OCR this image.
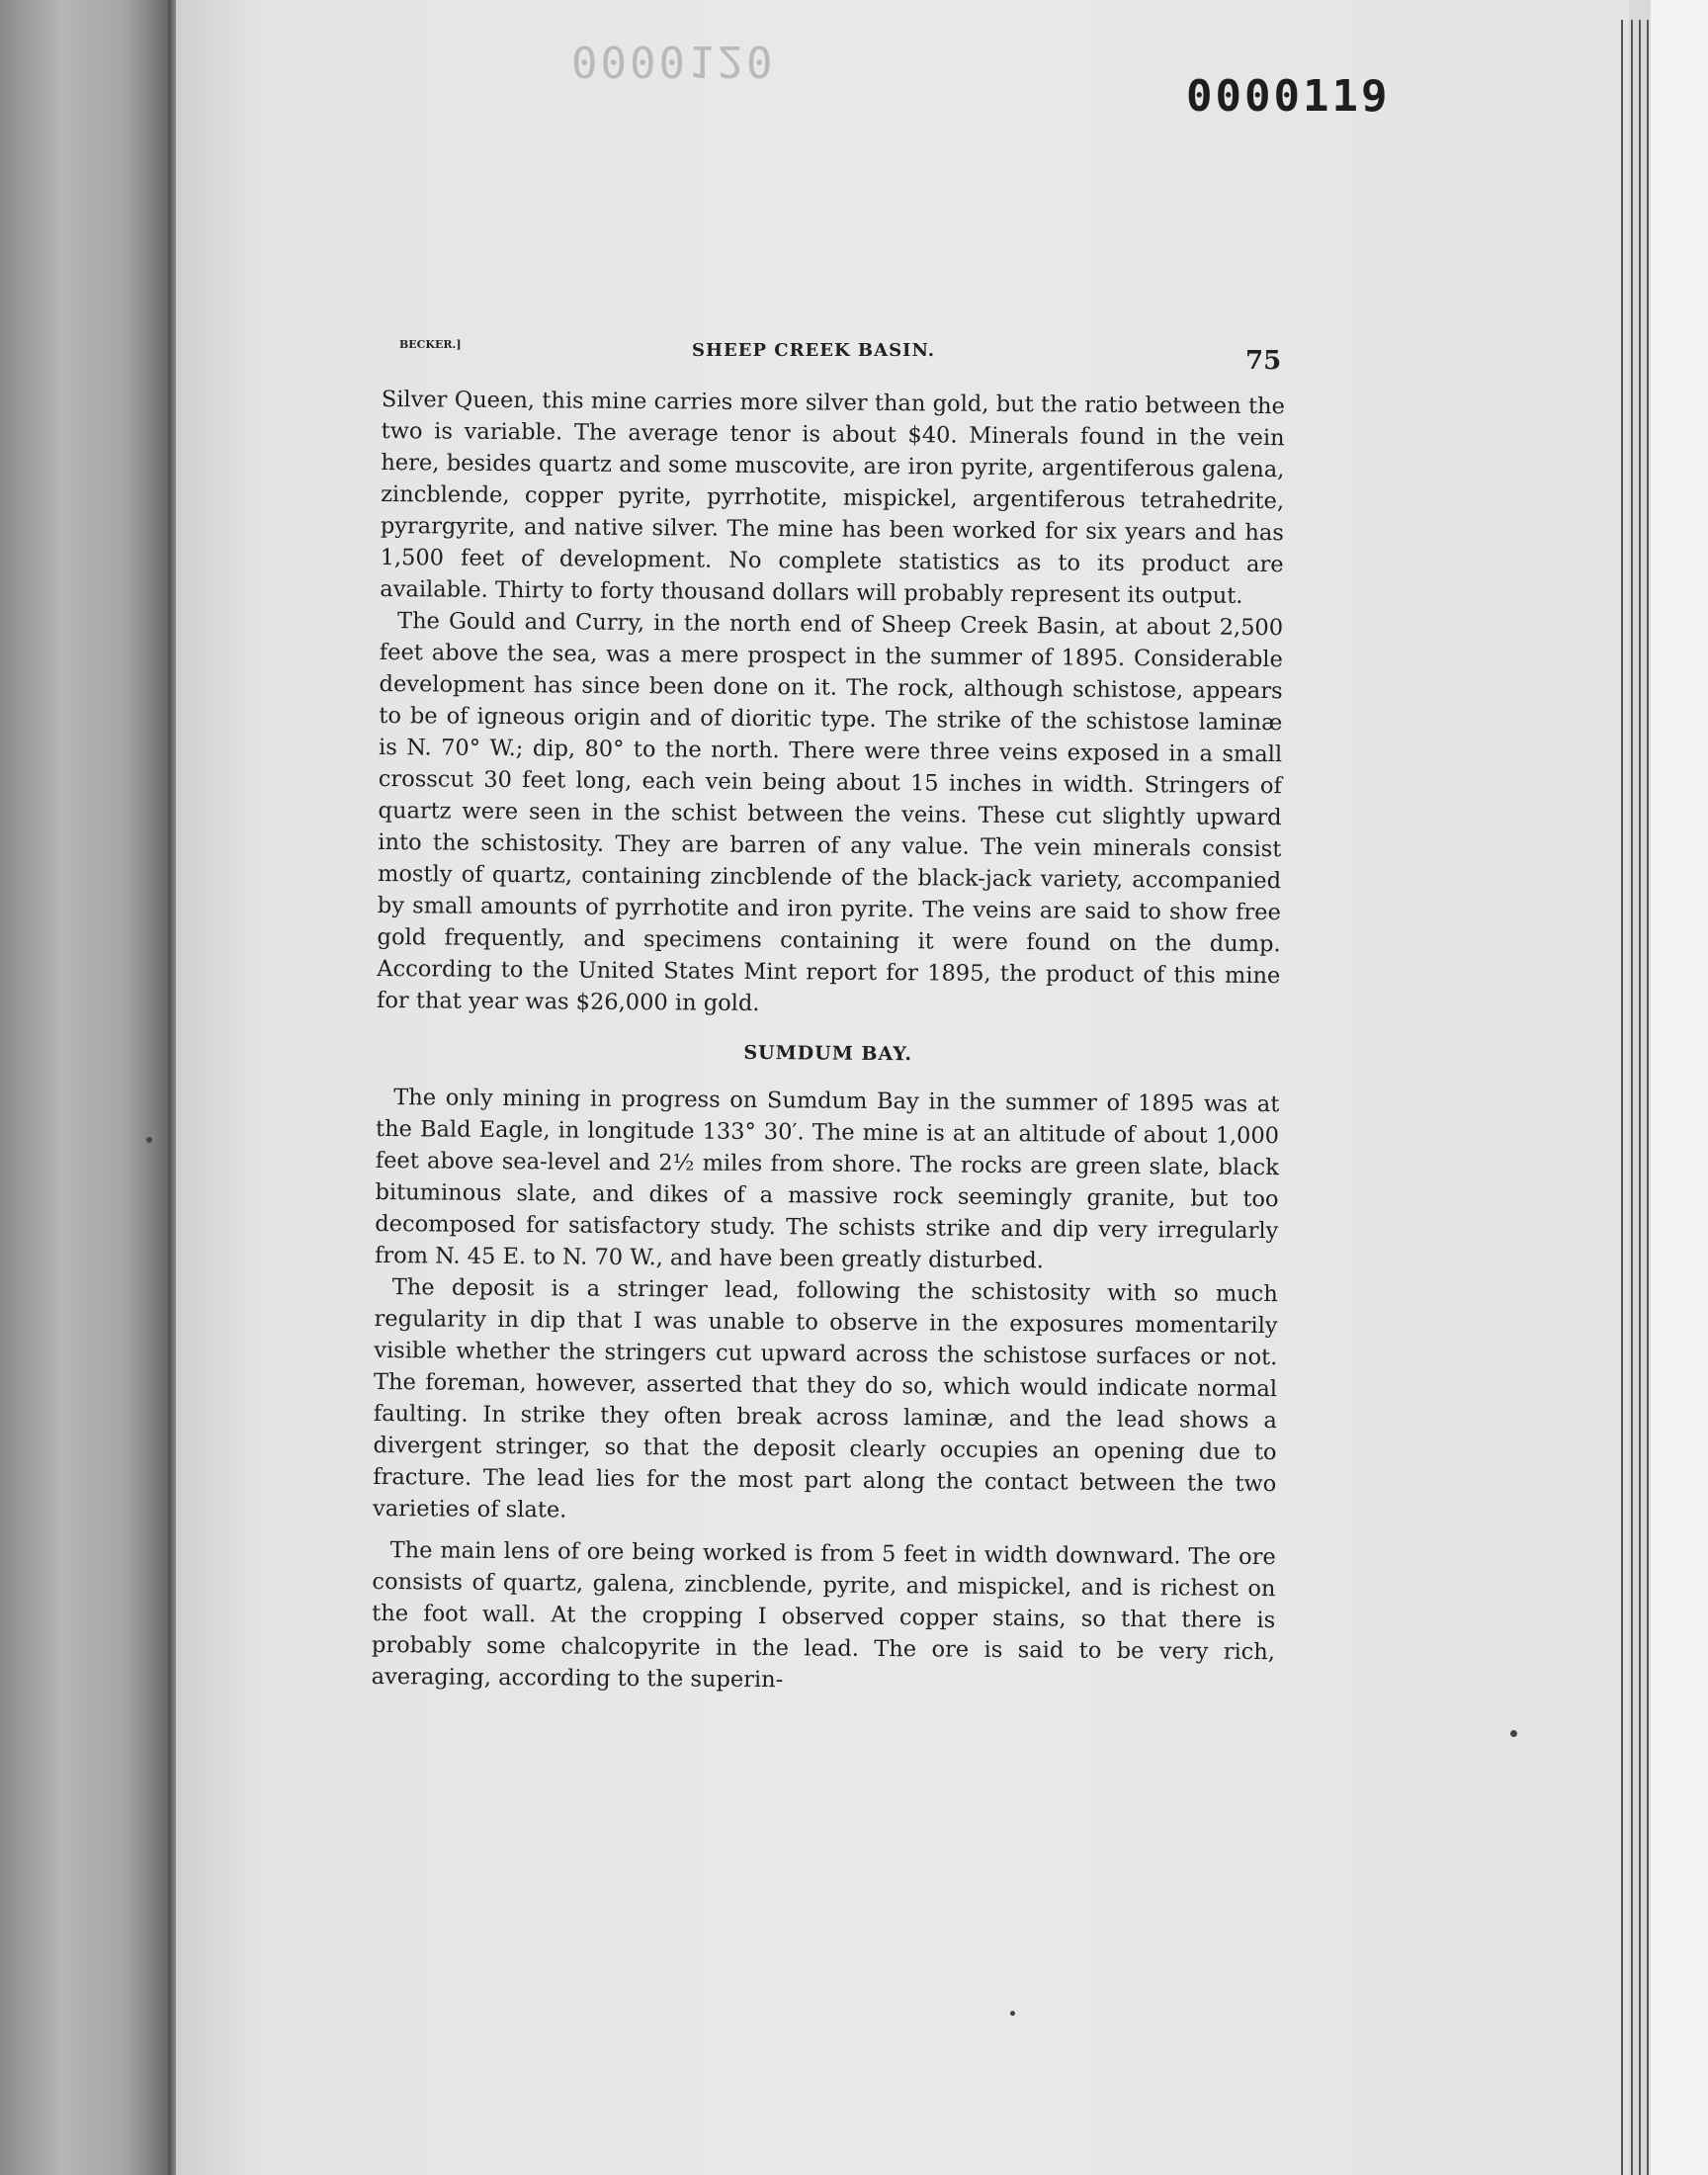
0000120
0000119
BECKER.]	SHEEP CREEK BASIN.	75

Silver Queen, this mine carries more silver than gold, but the ratio between the two is variable. The average tenor is about $40. Minerals found in the vein here, besides quartz and some muscovite, are iron pyrite, argentiferous galena, zincblende, copper pyrite, pyrrhotite, mispickel, argentiferous tetrahedrite, pyrargyrite, and native silver. The mine has been worked for six years and has 1,500 feet of development. No complete statistics as to its product are available. Thirty to forty thousand dollars will probably represent its output.

The Gould and Curry, in the north end of Sheep Creek Basin, at about 2,500 feet above the sea, was a mere prospect in the summer of 1895. Considerable development has since been done on it. The rock, although schistose, appears to be of igneous origin and of dioritic type. The strike of the schistose laminæ is N. 70° W.; dip, 80° to the north. There were three veins exposed in a small crosscut 30 feet long, each vein being about 15 inches in width. Stringers of quartz were seen in the schist between the veins. These cut slightly upward into the schistosity. They are barren of any value. The vein minerals consist mostly of quartz, containing zincblende of the black-jack variety, accompanied by small amounts of pyrrhotite and iron pyrite. The veins are said to show free gold frequently, and specimens containing it were found on the dump. According to the United States Mint report for 1895, the product of this mine for that year was $26,000 in gold.

SUMDUM BAY.

The only mining in progress on Sumdum Bay in the summer of 1895 was at the Bald Eagle, in longitude 133° 30′. The mine is at an altitude of about 1,000 feet above sea-level and 2½ miles from shore. The rocks are green slate, black bituminous slate, and dikes of a massive rock seemingly granite, but too decomposed for satisfactory study. The schists strike and dip very irregularly from N. 45 E. to N. 70 W., and have been greatly disturbed.

The deposit is a stringer lead, following the schistosity with so much regularity in dip that I was unable to observe in the exposures momentarily visible whether the stringers cut upward across the schistose surfaces or not. The foreman, however, asserted that they do so, which would indicate normal faulting. In strike they often break across laminæ, and the lead shows a divergent stringer, so that the deposit clearly occupies an opening due to fracture. The lead lies for the most part along the contact between the two varieties of slate.

The main lens of ore being worked is from 5 feet in width downward. The ore consists of quartz, galena, zincblende, pyrite, and mispickel, and is richest on the foot wall. At the cropping I observed copper stains, so that there is probably some chalcopyrite in the lead. The ore is said to be very rich, averaging, according to the superin-
